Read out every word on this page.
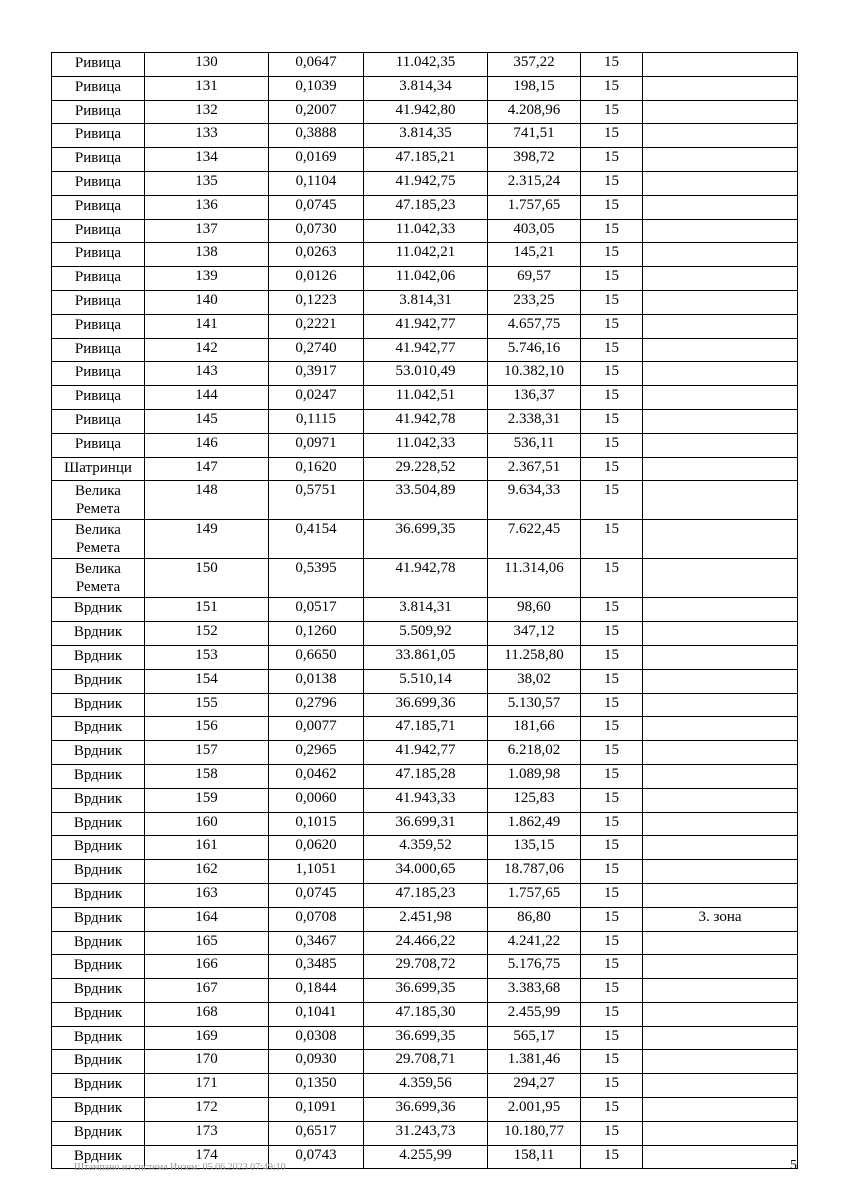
Ривица	130	0,0647	11.042,35	357,22	15	
Ривица	131	0,1039	3.814,34	198,15	15	
Ривица	132	0,2007	41.942,80	4.208,96	15	
Ривица	133	0,3888	3.814,35	741,51	15	
Ривица	134	0,0169	47.185,21	398,72	15	
Ривица	135	0,1104	41.942,75	2.315,24	15	
Ривица	136	0,0745	47.185,23	1.757,65	15	
Ривица	137	0,0730	11.042,33	403,05	15	
Ривица	138	0,0263	11.042,21	145,21	15	
Ривица	139	0,0126	11.042,06	69,57	15	
Ривица	140	0,1223	3.814,31	233,25	15	
Ривица	141	0,2221	41.942,77	4.657,75	15	
Ривица	142	0,2740	41.942,77	5.746,16	15	
Ривица	143	0,3917	53.010,49	10.382,10	15	
Ривица	144	0,0247	11.042,51	136,37	15	
Ривица	145	0,1115	41.942,78	2.338,31	15	
Ривица	146	0,0971	11.042,33	536,11	15	
Шатринци	147	0,1620	29.228,52	2.367,51	15	
Велика Ремета	148	0,5751	33.504,89	9.634,33	15	
Велика Ремета	149	0,4154	36.699,35	7.622,45	15	
Велика Ремета	150	0,5395	41.942,78	11.314,06	15	
Врдник	151	0,0517	3.814,31	98,60	15	
Врдник	152	0,1260	5.509,92	347,12	15	
Врдник	153	0,6650	33.861,05	11.258,80	15	
Врдник	154	0,0138	5.510,14	38,02	15	
Врдник	155	0,2796	36.699,36	5.130,57	15	
Врдник	156	0,0077	47.185,71	181,66	15	
Врдник	157	0,2965	41.942,77	6.218,02	15	
Врдник	158	0,0462	47.185,28	1.089,98	15	
Врдник	159	0,0060	41.943,33	125,83	15	
Врдник	160	0,1015	36.699,31	1.862,49	15	
Врдник	161	0,0620	4.359,52	135,15	15	
Врдник	162	1,1051	34.000,65	18.787,06	15	
Врдник	163	0,0745	47.185,23	1.757,65	15	
Врдник	164	0,0708	2.451,98	86,80	15	3. зона
Врдник	165	0,3467	24.466,22	4.241,22	15	
Врдник	166	0,3485	29.708,72	5.176,75	15	
Врдник	167	0,1844	36.699,35	3.383,68	15	
Врдник	168	0,1041	47.185,30	2.455,99	15	
Врдник	169	0,0308	36.699,35	565,17	15	
Врдник	170	0,0930	29.708,71	1.381,46	15	
Врдник	171	0,1350	4.359,56	294,27	15	
Врдник	172	0,1091	36.699,36	2.001,95	15	
Врдник	173	0,6517	31.243,73	10.180,77	15	
Врдник	174	0,0743	4.255,99	158,11	15	
Штампано из система Инзем: 05.06.2023 07:49:10	5
